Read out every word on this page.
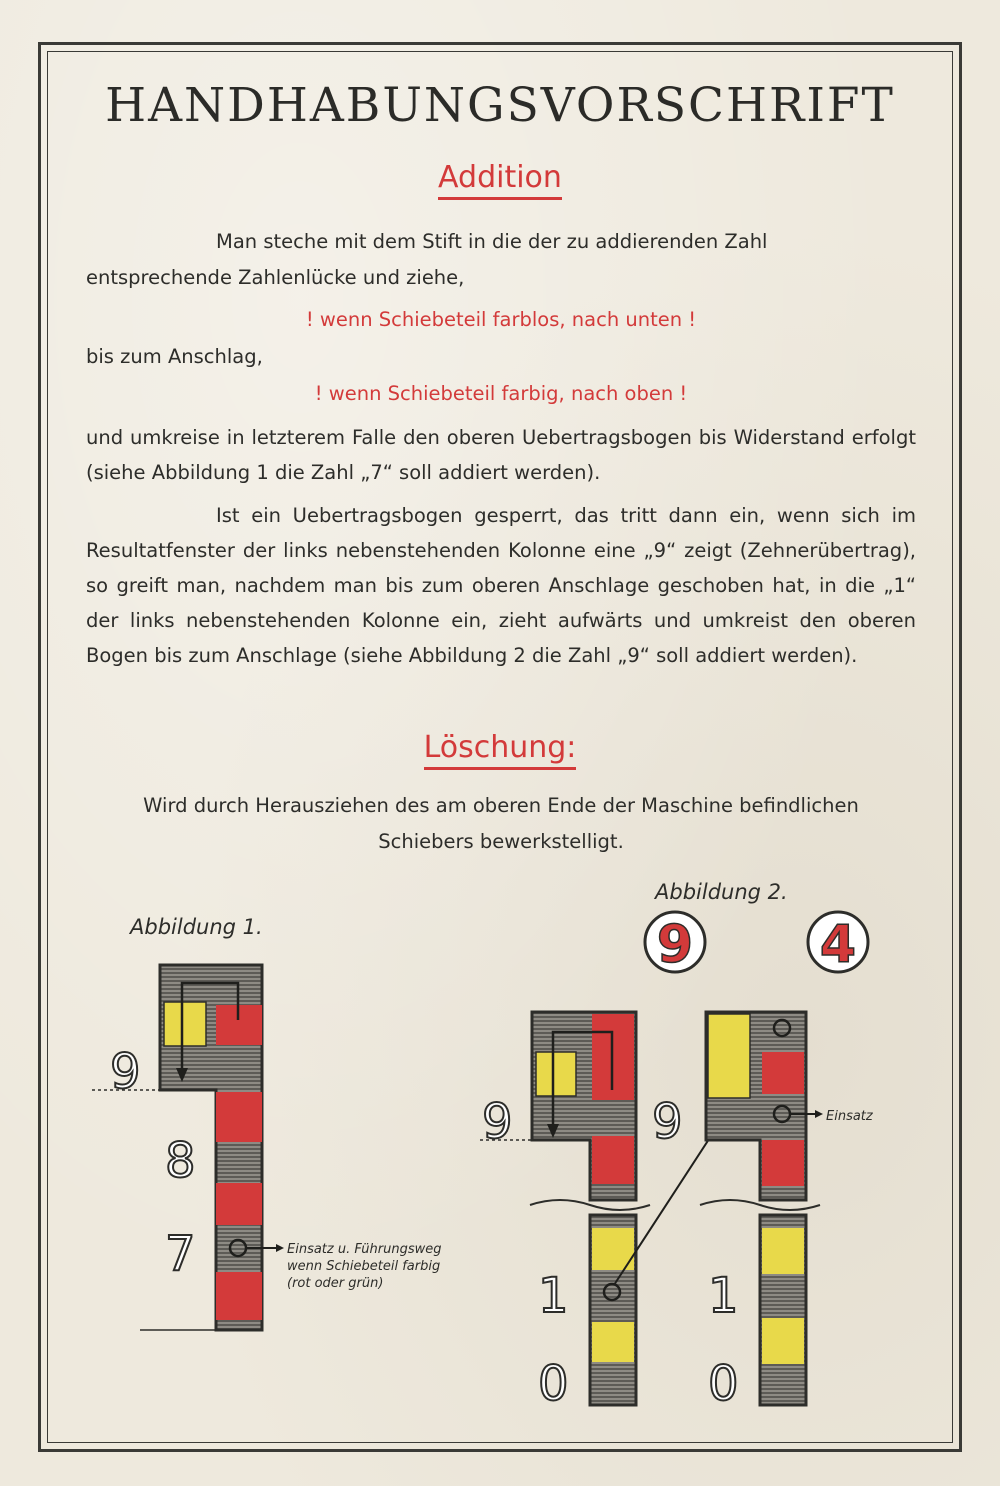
HANDHABUNGSVORSCHRIFT
Addition
Man steche mit dem Stift in die der zu addierenden Zahl
entsprechende Zahlenlücke und ziehe,
! wenn Schiebeteil farblos, nach unten !
bis zum Anschlag,
! wenn Schiebeteil farbig, nach oben !
und umkreise in letzterem Falle den oberen Uebertragsbogen bis Widerstand erfolgt (siehe Abbildung 1 die Zahl „7“ soll addiert werden).
Ist ein Uebertragsbogen gesperrt, das tritt dann ein, wenn sich im Resultatfenster der links nebenstehenden Kolonne eine „9“ zeigt (Zehnerübertrag), so greift man, nachdem man bis zum oberen Anschlage geschoben hat, in die „1“ der links nebenstehenden Kolonne ein, zieht aufwärts und umkreist den oberen Bogen bis zum Anschlage (siehe Abbildung 2 die Zahl „9“ soll addiert werden).
Löschung:
Wird durch Herausziehen des am oberen Ende der Maschine befindlichen
Schiebers bewerkstelligt.
Abbildung 1.
Abbildung 2.
9
8
7	Einsatz u. Führungsweg
wenn Schiebeteil farbig
(rot oder grün)
9 4
9
1
0
Einsatz
9
1
0
